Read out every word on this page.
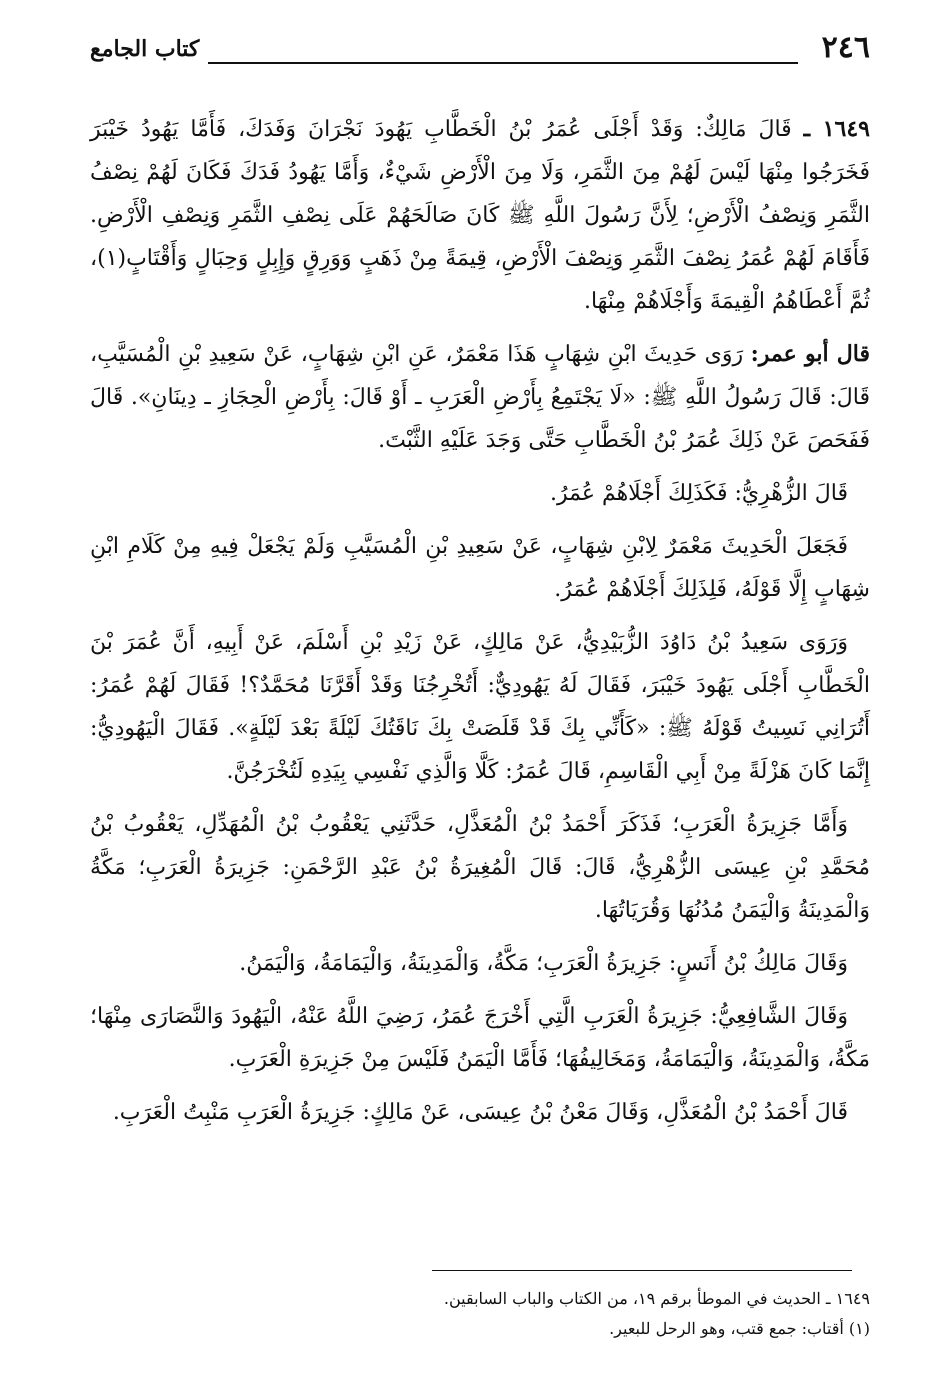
٢٤٦
كتاب الجامع

١٦٤٩ ـ قَالَ مَالِكٌ: وَقَدْ أَجْلَى عُمَرُ بْنُ الْخَطَّابِ يَهُودَ نَجْرَانَ وَفَدَكَ، فَأَمَّا يَهُودُ خَيْبَرَ فَخَرَجُوا مِنْهَا لَيْسَ لَهُمْ مِنَ الثَّمَرِ، وَلَا مِنَ الْأَرْضِ شَيْءٌ، وَأَمَّا يَهُودُ فَدَكَ فَكَانَ لَهُمْ نِصْفُ الثَّمَرِ وَنِصْفُ الْأَرْضِ؛ لِأَنَّ رَسُولَ اللَّهِ ﷺ كَانَ صَالَحَهُمْ عَلَى نِصْفِ الثَّمَرِ وَنِصْفِ الْأَرْضِ. فَأَقَامَ لَهُمْ عُمَرُ نِصْفَ الثَّمَرِ وَنِصْفَ الْأَرْضِ، قِيمَةً مِنْ ذَهَبٍ وَوَرِقٍ وَإِبِلٍ وَحِبَالٍ وَأَقْتَابٍ(١)، ثُمَّ أَعْطَاهُمُ الْقِيمَةَ وَأَجْلَاهُمْ مِنْهَا.

قال أبو عمر: رَوَى حَدِيثَ ابْنِ شِهَابٍ هَذَا مَعْمَرٌ، عَنِ ابْنِ شِهَابٍ، عَنْ سَعِيدِ بْنِ الْمُسَيَّبِ، قَالَ: قَالَ رَسُولُ اللَّهِ ﷺ: «لَا يَجْتَمِعُ بِأَرْضِ الْعَرَبِ ـ أَوْ قَالَ: بِأَرْضِ الْحِجَازِ ـ دِينَانِ». قَالَ فَفَحَصَ عَنْ ذَلِكَ عُمَرُ بْنُ الْخَطَّابِ حَتَّى وَجَدَ عَلَيْهِ الثَّبْتَ.

قَالَ الزُّهْرِيُّ: فَكَذَلِكَ أَجْلَاهُمْ عُمَرُ.

فَجَعَلَ الْحَدِيثَ مَعْمَرٌ لِابْنِ شِهَابٍ، عَنْ سَعِيدِ بْنِ الْمُسَيَّبِ وَلَمْ يَجْعَلْ فِيهِ مِنْ كَلَامِ ابْنِ شِهَابٍ إِلَّا قَوْلَهُ، فَلِذَلِكَ أَجْلَاهُمْ عُمَرُ.

وَرَوَى سَعِيدُ بْنُ دَاوُدَ الزُّبَيْدِيُّ، عَنْ مَالِكٍ، عَنْ زَيْدِ بْنِ أَسْلَمَ، عَنْ أَبِيهِ، أَنَّ عُمَرَ بْنَ الْخَطَّابِ أَجْلَى يَهُودَ خَيْبَرَ، فَقَالَ لَهُ يَهُودِيٌّ: أَتُخْرِجُنَا وَقَدْ أَقَرَّنَا مُحَمَّدٌ؟! فَقَالَ لَهُمْ عُمَرُ: أَتُرَانِي نَسِيتُ قَوْلَهُ ﷺ: «كَأَنِّي بِكَ قَدْ قَلَصَتْ بِكَ نَاقَتُكَ لَيْلَةً بَعْدَ لَيْلَةٍ». فَقَالَ الْيَهُودِيُّ: إِنَّمَا كَانَ هَزْلَةً مِنْ أَبِي الْقَاسِمِ، قَالَ عُمَرُ: كَلَّا وَالَّذِي نَفْسِي بِيَدِهِ لَتُخْرَجُنَّ.

وَأَمَّا جَزِيرَةُ الْعَرَبِ؛ فَذَكَرَ أَحْمَدُ بْنُ الْمُعَذَّلِ، حَدَّثَنِي يَعْقُوبُ بْنُ الْمُهَدِّلِ، يَعْقُوبُ بْنُ مُحَمَّدِ بْنِ عِيسَى الزُّهْرِيُّ، قَالَ: قَالَ الْمُغِيرَةُ بْنُ عَبْدِ الرَّحْمَنِ: جَزِيرَةُ الْعَرَبِ؛ مَكَّةُ وَالْمَدِينَةُ وَالْيَمَنُ مُدُنُهَا وَقُرَيَاتُهَا.

وَقَالَ مَالِكُ بْنُ أَنَسٍ: جَزِيرَةُ الْعَرَبِ؛ مَكَّةُ، وَالْمَدِينَةُ، وَالْيَمَامَةُ، وَالْيَمَنُ.

وَقَالَ الشَّافِعِيُّ: جَزِيرَةُ الْعَرَبِ الَّتِي أَخْرَجَ عُمَرُ، رَضِيَ اللَّهُ عَنْهُ، الْيَهُودَ وَالنَّصَارَى مِنْهَا؛ مَكَّةُ، وَالْمَدِينَةُ، وَالْيَمَامَةُ، وَمَخَالِيفُهَا؛ فَأَمَّا الْيَمَنُ فَلَيْسَ مِنْ جَزِيرَةِ الْعَرَبِ.

قَالَ أَحْمَدُ بْنُ الْمُعَذَّلِ، وَقَالَ مَعْنُ بْنُ عِيسَى، عَنْ مَالِكٍ: جَزِيرَةُ الْعَرَبِ مَنْبِتُ الْعَرَبِ.

١٦٤٩ ـ الحديث في الموطأ برقم ١٩، من الكتاب والباب السابقين.

(١) أقتاب: جمع قتب، وهو الرحل للبعير.
